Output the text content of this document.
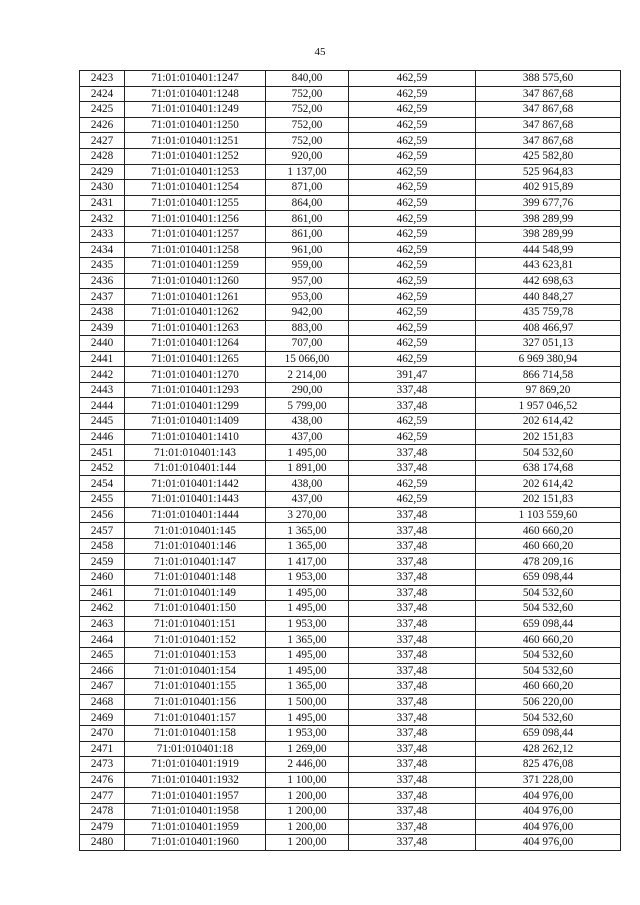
45
2423	71:01:010401:1247	840,00	462,59	388 575,60
2424	71:01:010401:1248	752,00	462,59	347 867,68
2425	71:01:010401:1249	752,00	462,59	347 867,68
2426	71:01:010401:1250	752,00	462,59	347 867,68
2427	71:01:010401:1251	752,00	462,59	347 867,68
2428	71:01:010401:1252	920,00	462,59	425 582,80
2429	71:01:010401:1253	1 137,00	462,59	525 964,83
2430	71:01:010401:1254	871,00	462,59	402 915,89
2431	71:01:010401:1255	864,00	462,59	399 677,76
2432	71:01:010401:1256	861,00	462,59	398 289,99
2433	71:01:010401:1257	861,00	462,59	398 289,99
2434	71:01:010401:1258	961,00	462,59	444 548,99
2435	71:01:010401:1259	959,00	462,59	443 623,81
2436	71:01:010401:1260	957,00	462,59	442 698,63
2437	71:01:010401:1261	953,00	462,59	440 848,27
2438	71:01:010401:1262	942,00	462,59	435 759,78
2439	71:01:010401:1263	883,00	462,59	408 466,97
2440	71:01:010401:1264	707,00	462,59	327 051,13
2441	71:01:010401:1265	15 066,00	462,59	6 969 380,94
2442	71:01:010401:1270	2 214,00	391,47	866 714,58
2443	71:01:010401:1293	290,00	337,48	97 869,20
2444	71:01:010401:1299	5 799,00	337,48	1 957 046,52
2445	71:01:010401:1409	438,00	462,59	202 614,42
2446	71:01:010401:1410	437,00	462,59	202 151,83
2451	71:01:010401:143	1 495,00	337,48	504 532,60
2452	71:01:010401:144	1 891,00	337,48	638 174,68
2454	71:01:010401:1442	438,00	462,59	202 614,42
2455	71:01:010401:1443	437,00	462,59	202 151,83
2456	71:01:010401:1444	3 270,00	337,48	1 103 559,60
2457	71:01:010401:145	1 365,00	337,48	460 660,20
2458	71:01:010401:146	1 365,00	337,48	460 660,20
2459	71:01:010401:147	1 417,00	337,48	478 209,16
2460	71:01:010401:148	1 953,00	337,48	659 098,44
2461	71:01:010401:149	1 495,00	337,48	504 532,60
2462	71:01:010401:150	1 495,00	337,48	504 532,60
2463	71:01:010401:151	1 953,00	337,48	659 098,44
2464	71:01:010401:152	1 365,00	337,48	460 660,20
2465	71:01:010401:153	1 495,00	337,48	504 532,60
2466	71:01:010401:154	1 495,00	337,48	504 532,60
2467	71:01:010401:155	1 365,00	337,48	460 660,20
2468	71:01:010401:156	1 500,00	337,48	506 220,00
2469	71:01:010401:157	1 495,00	337,48	504 532,60
2470	71:01:010401:158	1 953,00	337,48	659 098,44
2471	71:01:010401:18	1 269,00	337,48	428 262,12
2473	71:01:010401:1919	2 446,00	337,48	825 476,08
2476	71:01:010401:1932	1 100,00	337,48	371 228,00
2477	71:01:010401:1957	1 200,00	337,48	404 976,00
2478	71:01:010401:1958	1 200,00	337,48	404 976,00
2479	71:01:010401:1959	1 200,00	337,48	404 976,00
2480	71:01:010401:1960	1 200,00	337,48	404 976,00
